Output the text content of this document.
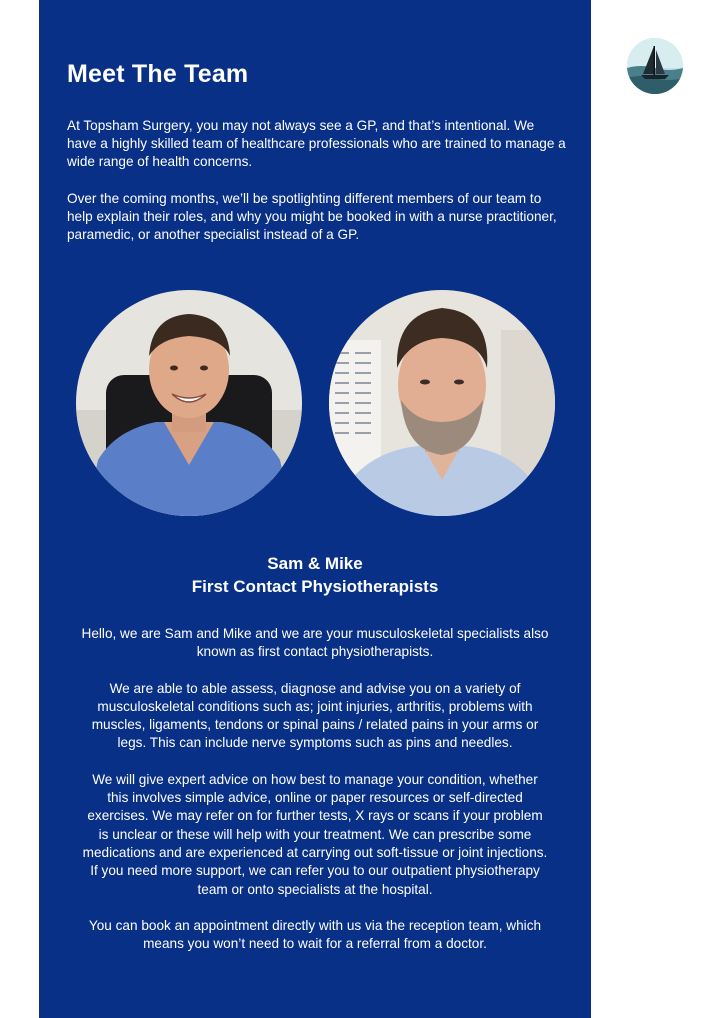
Meet The Team

At Topsham Surgery, you may not always see a GP, and that’s intentional. We have a highly skilled team of healthcare professionals who are trained to manage a wide range of health concerns.

Over the coming months, we’ll be spotlighting different members of our team to help explain their roles, and why you might be booked in with a nurse practitioner, paramedic, or another specialist instead of a GP.

Sam & Mike
First Contact Physiotherapists

Hello, we are Sam and Mike and we are your musculoskeletal specialists also known as first contact physiotherapists.

We are able to able assess, diagnose and advise you on a variety of musculoskeletal conditions such as; joint injuries, arthritis, problems with muscles, ligaments, tendons or spinal pains / related pains in your arms or legs. This can include nerve symptoms such as pins and needles.

We will give expert advice on how best to manage your condition, whether this involves simple advice, online or paper resources or self-directed exercises. We may refer on for further tests, X rays or scans if your problem is unclear or these will help with your treatment. We can prescribe some medications and are experienced at carrying out soft-tissue or joint injections. If you need more support, we can refer you to our outpatient physiotherapy team or onto specialists at the hospital.

You can book an appointment directly with us via the reception team, which means you won’t need to wait for a referral from a doctor.
